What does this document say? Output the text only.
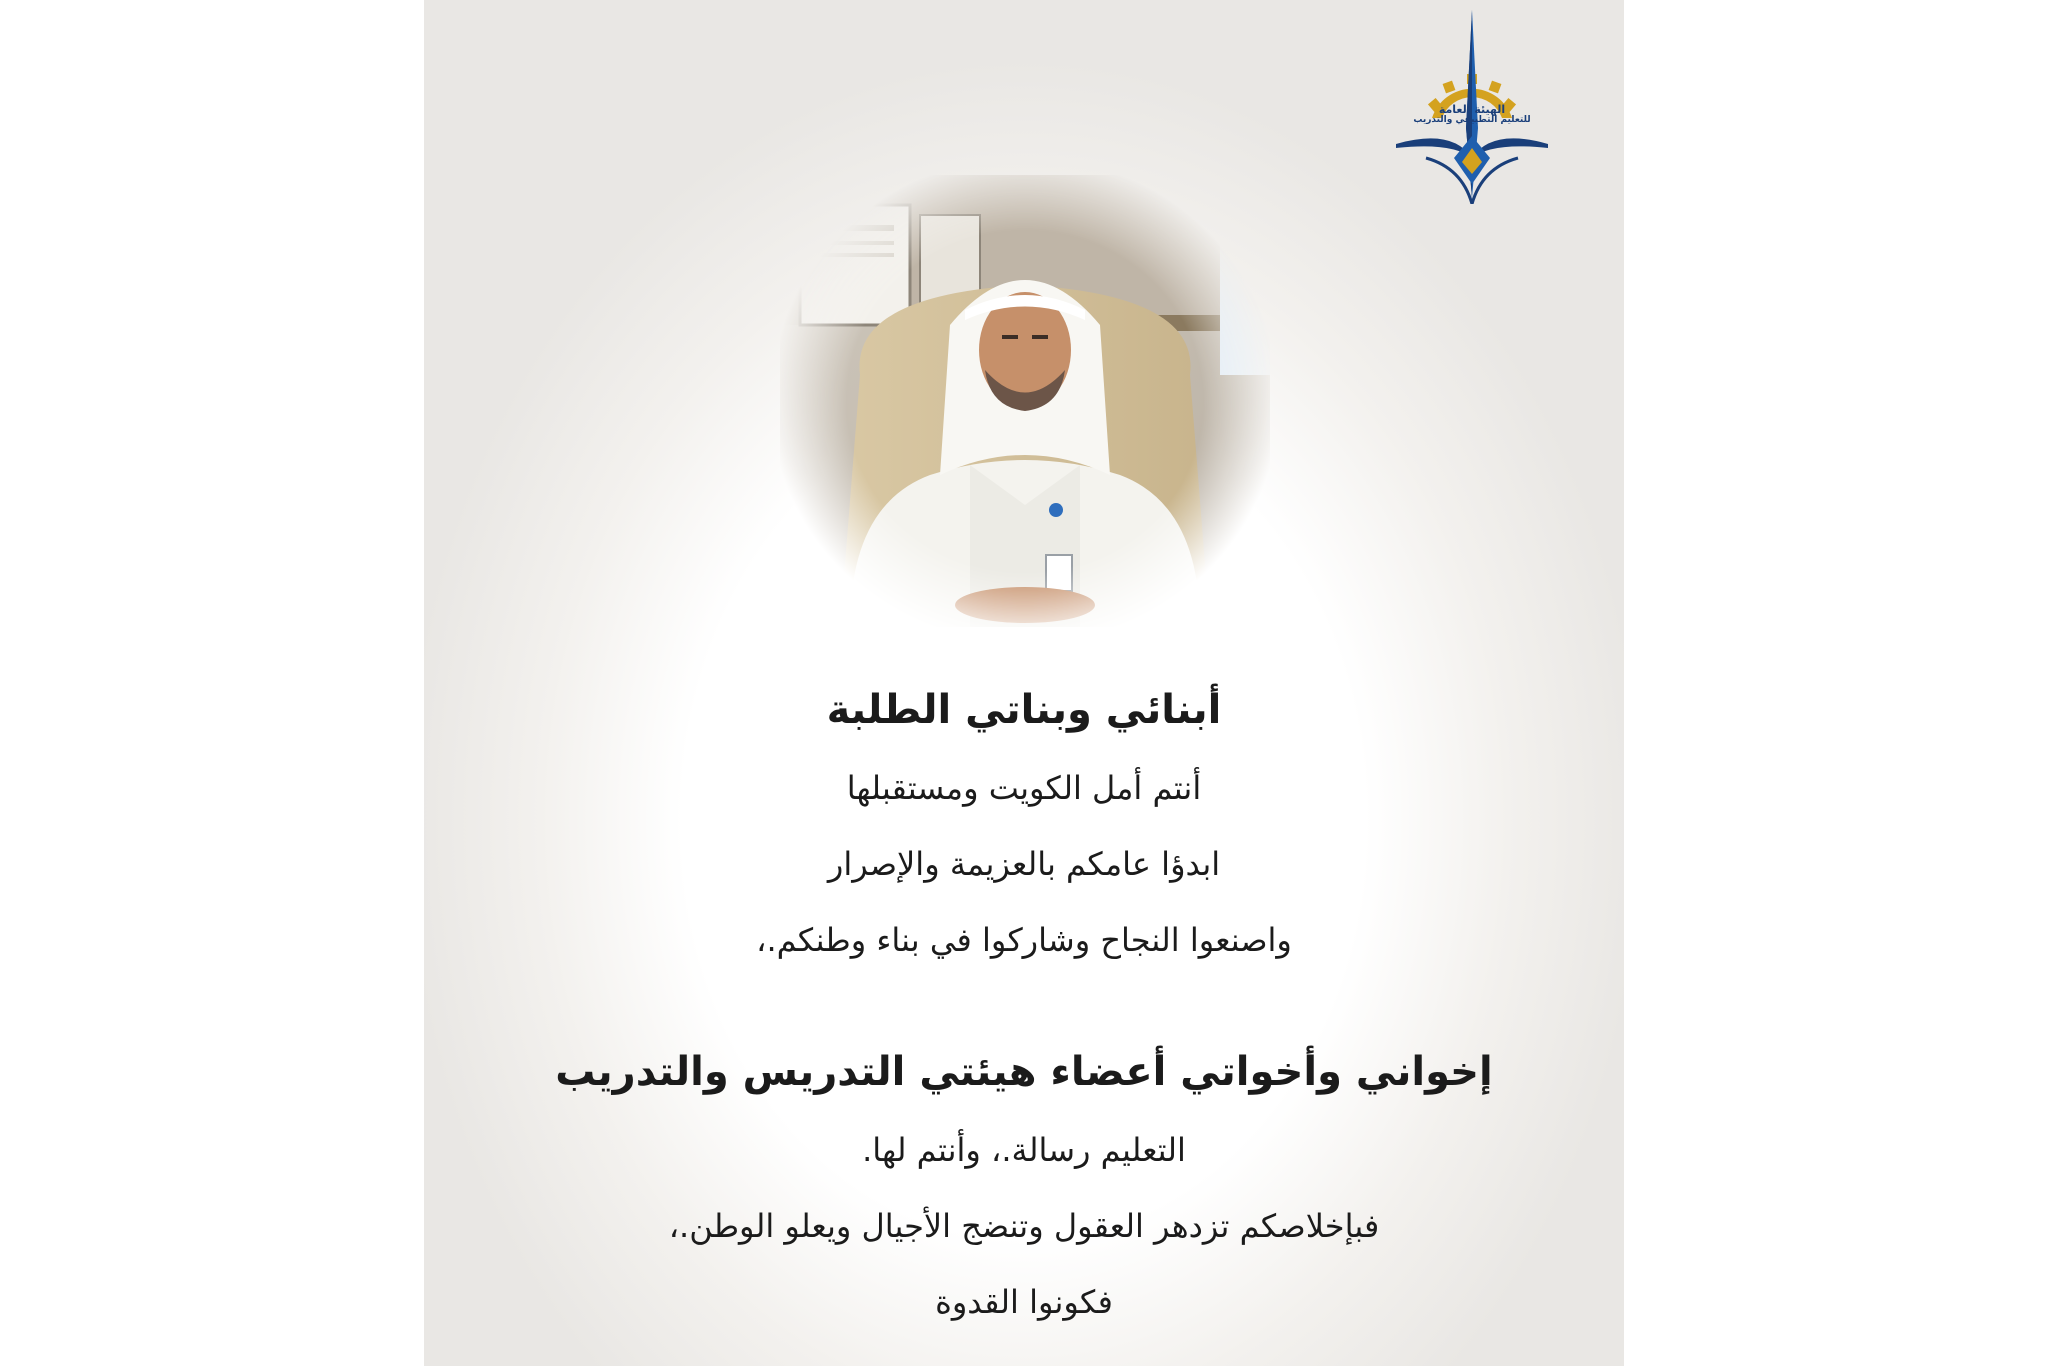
الهيئة العامة
للتعليم التطبيقي والتدريب
أبنائي وبناتي الطلبة
أنتم أمل الكويت ومستقبلها
ابدؤا عامكم بالعزيمة والإصرار
واصنعوا النجاح وشاركوا في بناء وطنكم.،
إخواني وأخواتي أعضاء هيئتي التدريس والتدريب
التعليم رسالة.، وأنتم لها.
فبإخلاصكم تزدهر العقول وتنضج الأجيال ويعلو الوطن.،
فكونوا القدوة
